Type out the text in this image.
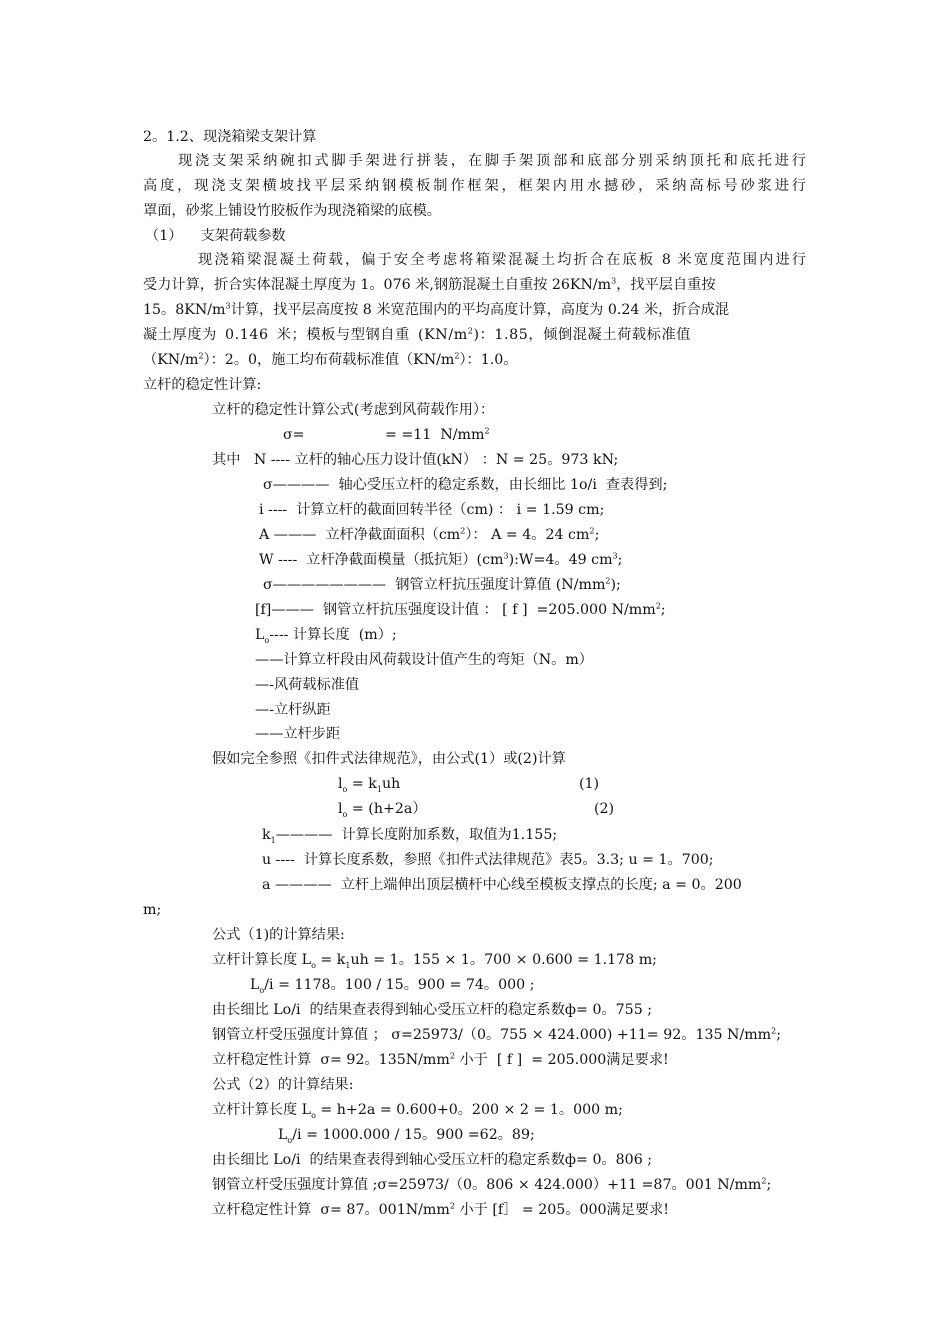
2。1.2、现浇箱梁支架计算
现浇支架采纳碗扣式脚手架进行拼装，在脚手架顶部和底部分别采纳顶托和底托进行
高度，现浇支架横坡找平层采纳钢模板制作框架，框架内用水撼砂，采纳高标号砂浆进行
罩面，砂浆上铺设竹胶板作为现浇箱梁的底模。
（1）    支架荷载参数
现浇箱梁混凝土荷载，偏于安全考虑将箱梁混凝土均折合在底板 8 米宽度范围内进行
受力计算，折合实体混凝土厚度为 1。076 米,钢筋混凝土自重按 $26KN/m^3$，找平层自重按
15。$8KN/m^3$计算，找平层高度按 8 米宽范围内的平均高度计算，高度为 0.24 米，折合成混
凝土厚度为 0.146 米；模板与型钢自重 $(KN/m^2)$：1.85，倾倒混凝土荷载标准值
$(KN/m^2)$：2。0，施工均布荷载标准值$(KN/m^2)$：1.0。
立杆的稳定性计算:
立杆的稳定性计算公式(考虑到风荷载作用）：
σ=	= =11  $N/mm^2$
其中   N ---- 立杆的轴心压力设计值(kN） ：N = 25。973 kN;
σ————  轴心受压立杆的稳定系数，由长细比 1o/i  查表得到;
i ----  计算立杆的截面回转半径（cm) ： i = 1.59 cm;
A ———  立杆净截面面积$(cm^2)$： A = 4。24 $cm^2$;
W ----  立杆净截面模量（抵抗矩）$(cm^3):W=4$。49 $cm^3$;
σ————————  钢管立杆抗压强度计算值 $(N/mm^2)$;
[f]———  钢管立杆抗压强度设计值 ： [ f ]  =205.000 $N/mm^2$;
$L_o----$ 计算长度  (m）;
——计算立杆段由风荷载设计值产生的弯矩（N。m）
—-风荷载标准值
—-立杆纵距
——立杆步距
假如完全参照《扣件式法律规范》，由公式(1）或(2)计算
$l_o = k_1uh$	(1)
$l_o = (h+2a)$	(2)
$k_1————$  计算长度附加系数，取值为1.155;
u ----  计算长度系数，参照《扣件式法律规范》表5。3.3; u = 1。700;
a ————  立杆上端伸出顶层横杆中心线至模板支撑点的长度; a = 0。200
m;
公式（1)的计算结果:
立杆计算长度 $L_o = k_1uh = 1$。155 × 1。700 × 0.600 = 1.178 m;
$L_o/i = 1178$。100 / 15。900 = 74。000 ;
由长细比 Lo/i  的结果查表得到轴心受压立杆的稳定系数ф= 0。755 ;
钢管立杆受压强度计算值 ； σ=25973/（0。755 × 424.000) +11= 92。135 $N/mm^2$;
立杆稳定性计算  σ= 92。$135N/mm^2$ 小于  [ f ]  = 205.000满足要求!
公式（2）的计算结果:
立杆计算长度 $L_o = h+2a = 0.600+0$。200 × 2 = 1。000 m;
$L_o/i = 1000.000 / 15$。900 =62。89;
由长细比 Lo/i  的结果查表得到轴心受压立杆的稳定系数ф= 0。806 ;
钢管立杆受压强度计算值 ;σ=25973/（0。806 × 424.000）+11 =87。001 $N/mm^2$;
立杆稳定性计算  σ= 87。$001N/mm^2$ 小于 [f］ = 205。000满足要求!
